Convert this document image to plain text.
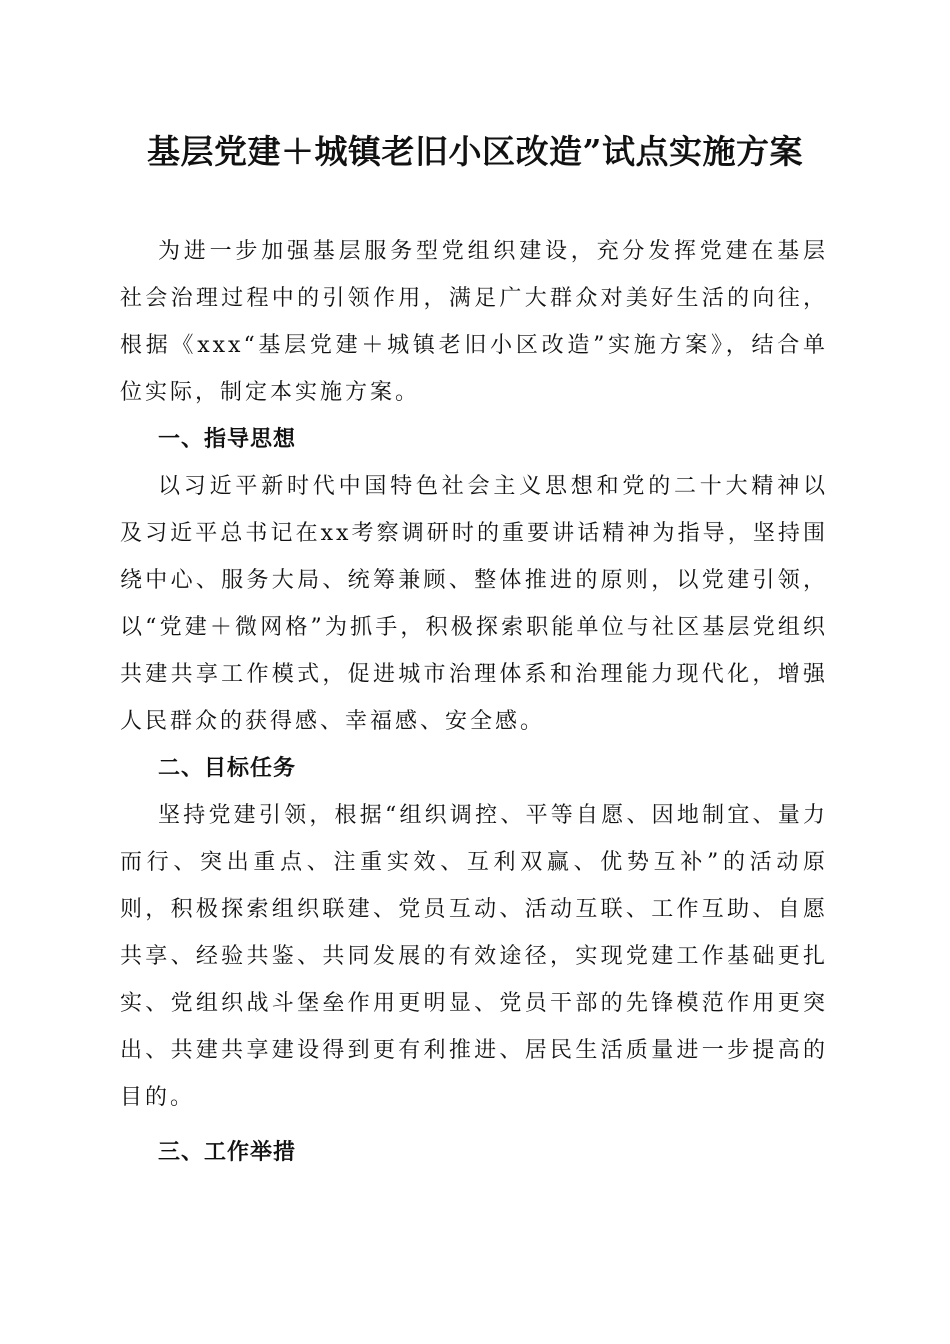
基层党建＋城镇老旧小区改造”试点实施方案

为进一步加强基层服务型党组织建设，充分发挥党建在基层社会治理过程中的引领作用，满足广大群众对美好生活的向往，根据《xxx“基层党建＋城镇老旧小区改造”实施方案》，结合单位实际，制定本实施方案。

一、指导思想

以习近平新时代中国特色社会主义思想和党的二十大精神以及习近平总书记在xx考察调研时的重要讲话精神为指导，坚持围绕中心、服务大局、统筹兼顾、整体推进的原则，以党建引领，以“党建＋微网格”为抓手，积极探索职能单位与社区基层党组织共建共享工作模式，促进城市治理体系和治理能力现代化，增强人民群众的获得感、幸福感、安全感。

二、目标任务

坚持党建引领，根据“组织调控、平等自愿、因地制宜、量力而行、突出重点、注重实效、互利双赢、优势互补”的活动原则，积极探索组织联建、党员互动、活动互联、工作互助、自愿共享、经验共鉴、共同发展的有效途径，实现党建工作基础更扎实、党组织战斗堡垒作用更明显、党员干部的先锋模范作用更突出、共建共享建设得到更有利推进、居民生活质量进一步提高的目的。

三、工作举措
